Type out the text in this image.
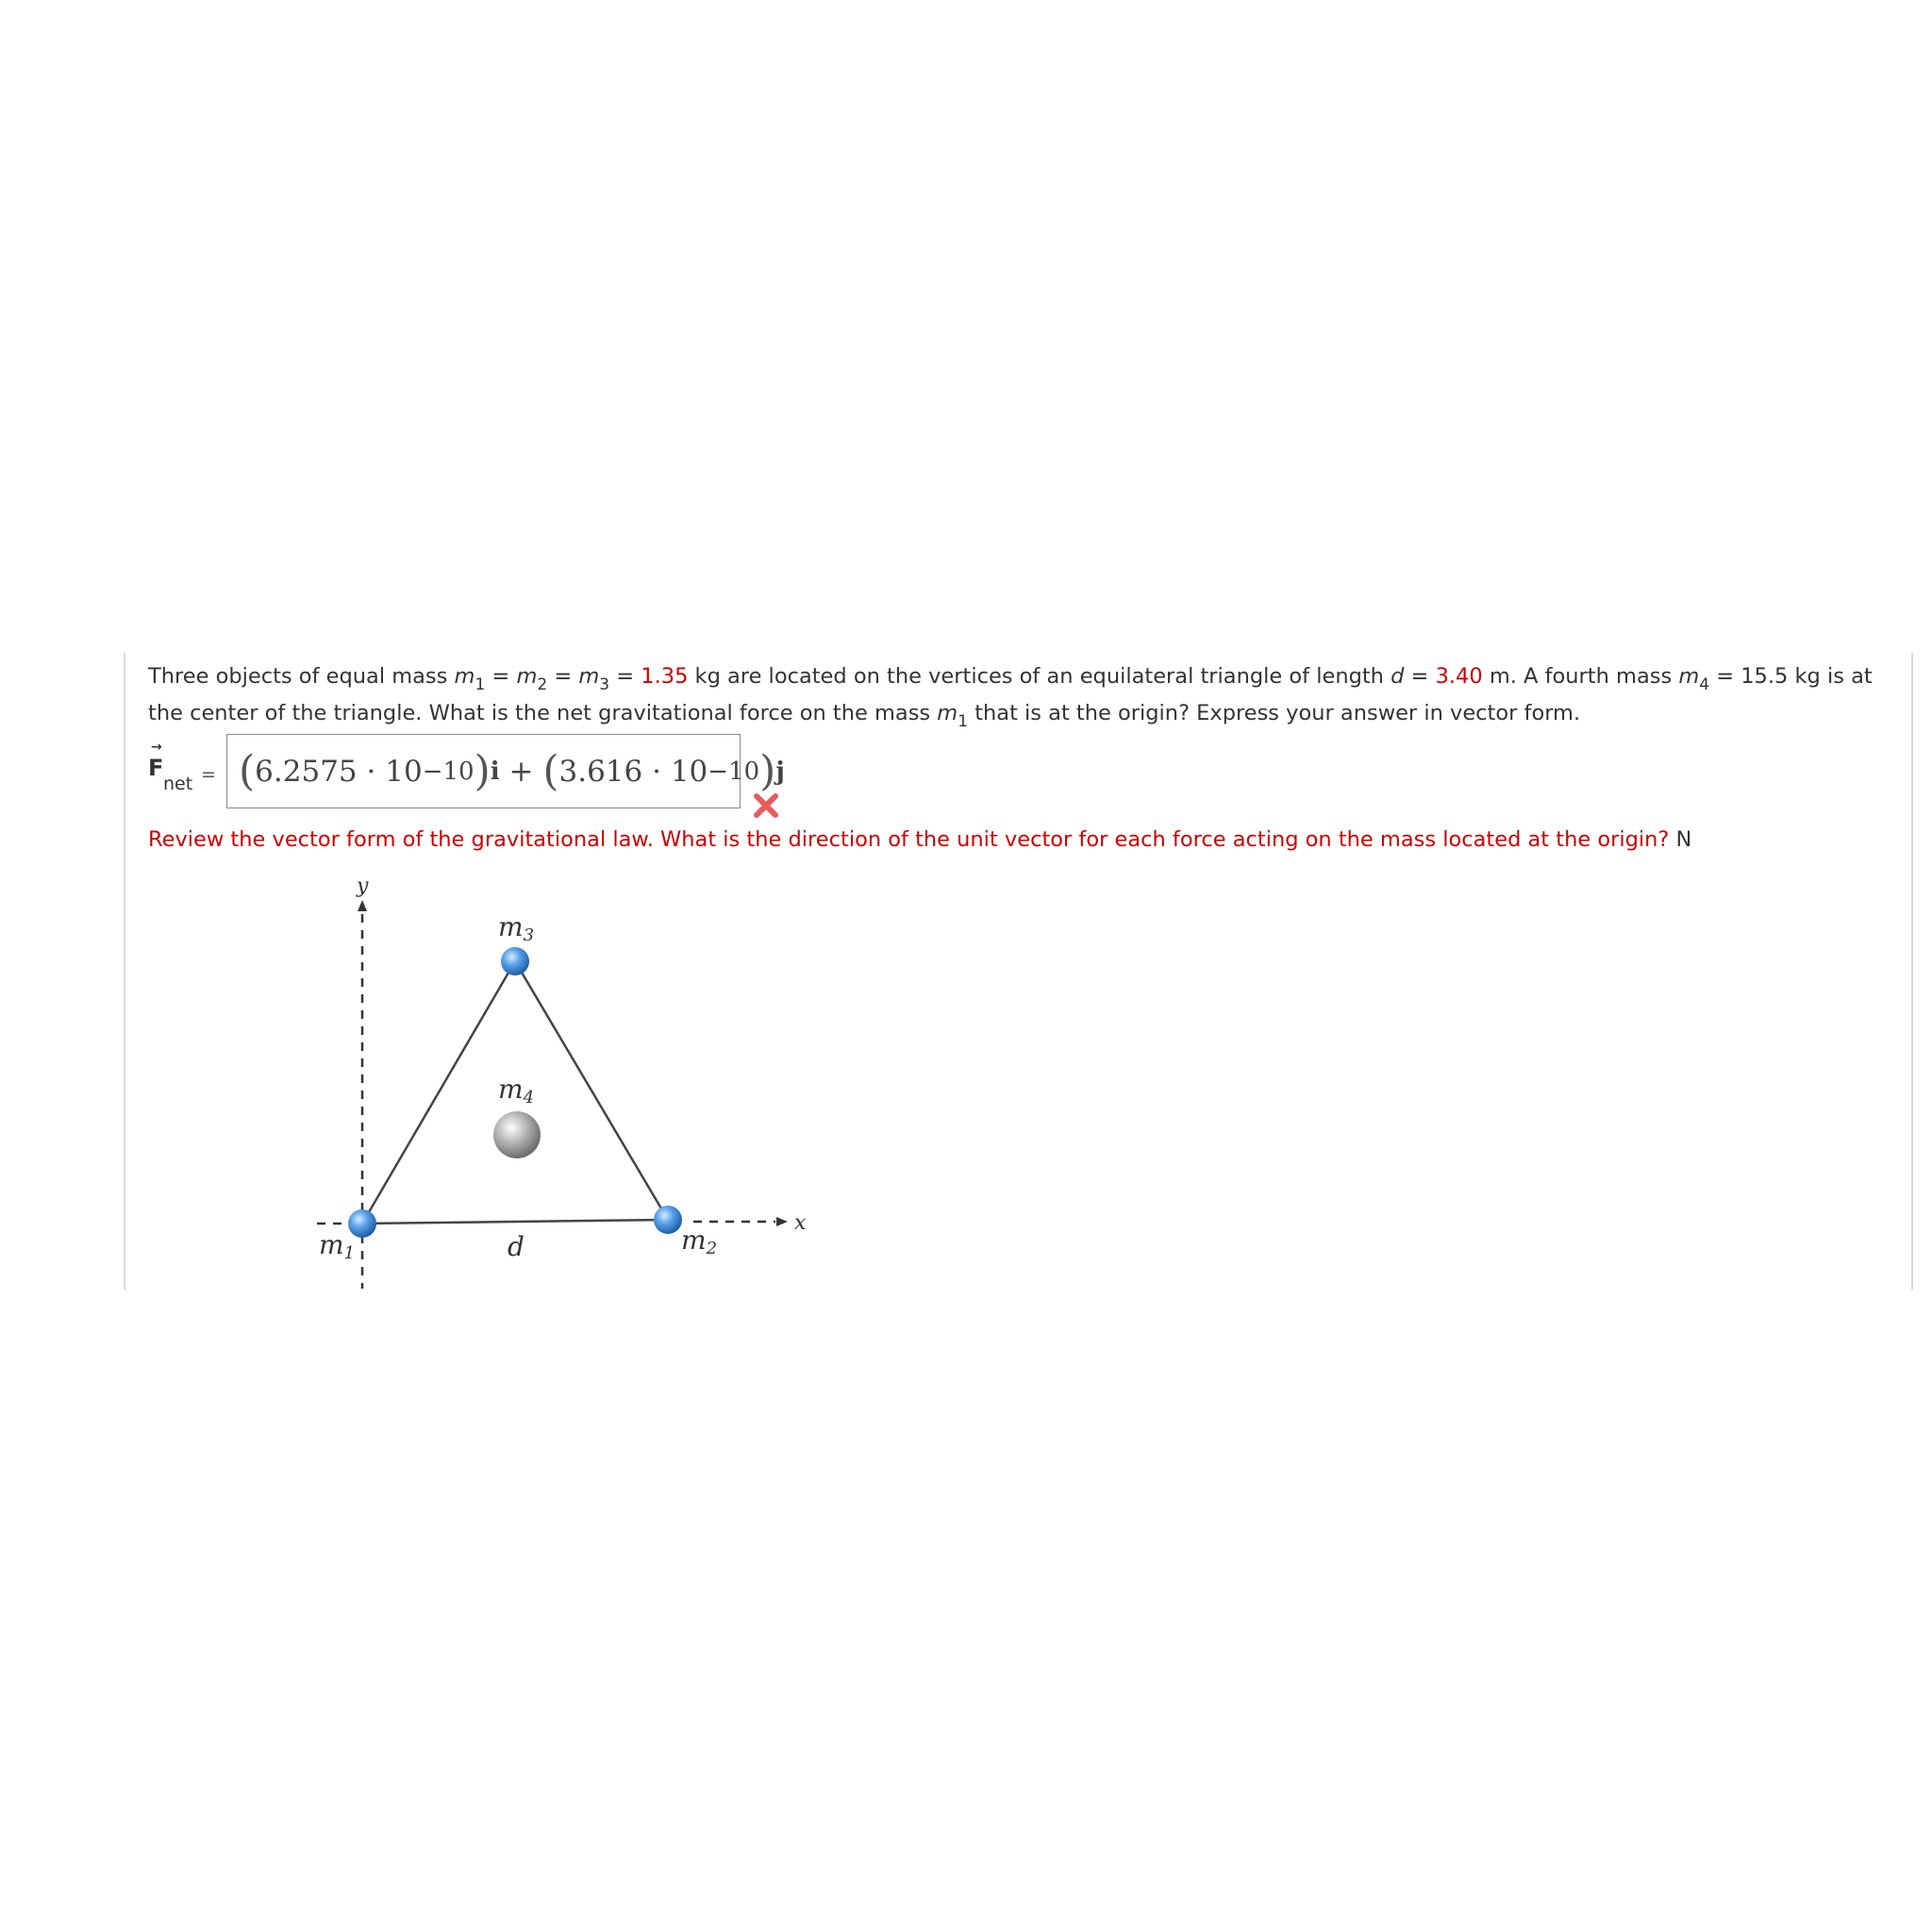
Three objects of equal mass $m_1 = m_2 = m_3 = 1.35$ kg are located on the vertices of an equilateral triangle of length d = 3.40 m. A fourth mass $m_4 = 15.5$ kg is at the center of the triangle. What is the net gravitational force on the mass $m_1$ that is at the origin? Express your answer in vector form.
→
F
net = ( 6.2575
·
10 −10 ) i
+
( 3.616
·
10 −10 ) j
Review the vector form of the gravitational law. What is the direction of the unit vector for each force acting on the mass located at the origin? N
y
x
m3
m4
m1	m2
d
